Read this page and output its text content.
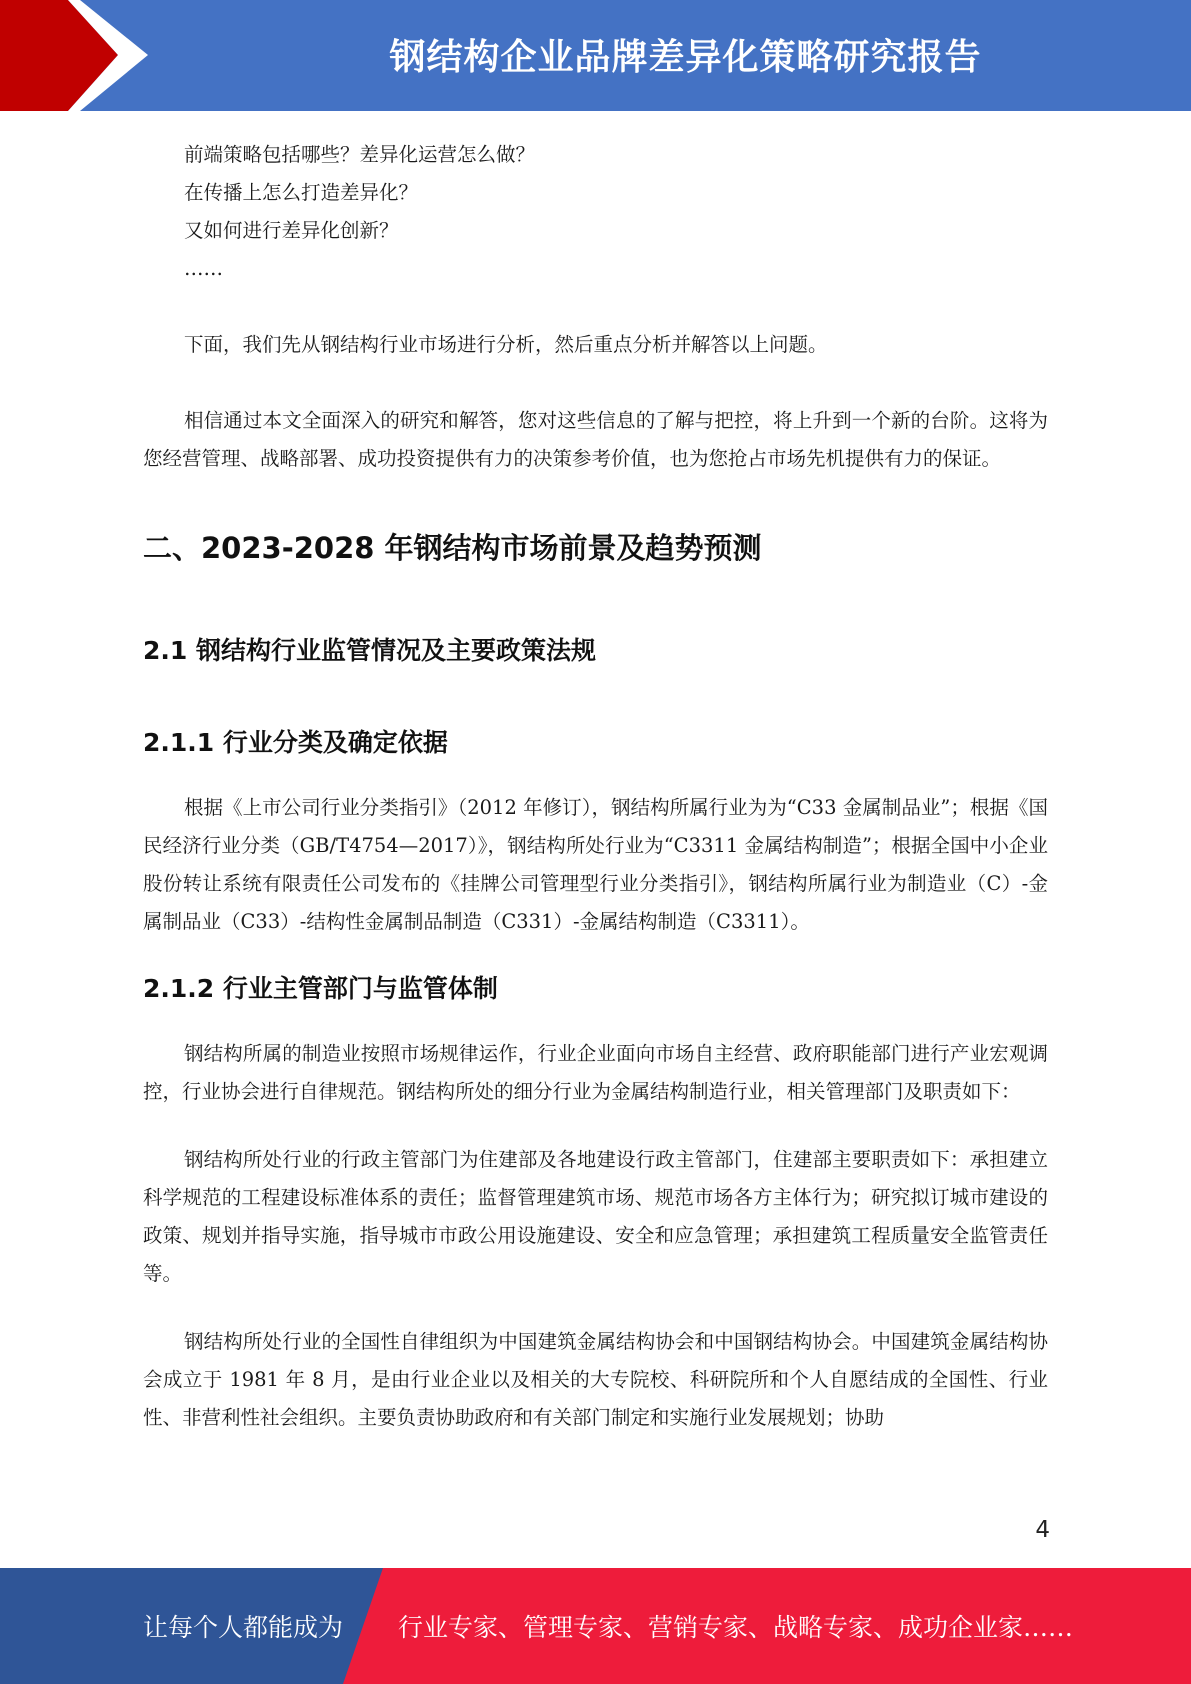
钢结构企业品牌差异化策略研究报告

前端策略包括哪些？差异化运营怎么做？

在传播上怎么打造差异化？

又如何进行差异化创新？

……

下面，我们先从钢结构行业市场进行分析，然后重点分析并解答以上问题。

相信通过本文全面深入的研究和解答，您对这些信息的了解与把控，将上升到一个新的台阶。这将为您经营管理、战略部署、成功投资提供有力的决策参考价值，也为您抢占市场先机提供有力的保证。

二、2023-2028 年钢结构市场前景及趋势预测
2.1 钢结构行业监管情况及主要政策法规
2.1.1 行业分类及确定依据

根据《上市公司行业分类指引》（2012 年修订），钢结构所属行业为为“C33 金属制品业”；根据《国民经济行业分类（GB/T4754—2017）》，钢结构所处行业为“C3311 金属结构制造”；根据全国中小企业股份转让系统有限责任公司发布的《挂牌公司管理型行业分类指引》，钢结构所属行业为制造业（C）-金属制品业（C33）-结构性金属制品制造（C331）-金属结构制造（C3311）。

2.1.2 行业主管部门与监管体制

钢结构所属的制造业按照市场规律运作，行业企业面向市场自主经营、政府职能部门进行产业宏观调控，行业协会进行自律规范。钢结构所处的细分行业为金属结构制造行业，相关管理部门及职责如下：

钢结构所处行业的行政主管部门为住建部及各地建设行政主管部门，住建部主要职责如下：承担建立科学规范的工程建设标准体系的责任；监督管理建筑市场、规范市场各方主体行为；研究拟订城市建设的政策、规划并指导实施，指导城市市政公用设施建设、安全和应急管理；承担建筑工程质量安全监管责任等。

钢结构所处行业的全国性自律组织为中国建筑金属结构协会和中国钢结构协会。中国建筑金属结构协会成立于 1981 年 8 月，是由行业企业以及相关的大专院校、科研院所和个人自愿结成的全国性、行业性、非营利性社会组织。主要负责协助政府和有关部门制定和实施行业发展规划；协助

4
让每个人都能成为 行业专家、管理专家、营销专家、战略专家、成功企业家……
